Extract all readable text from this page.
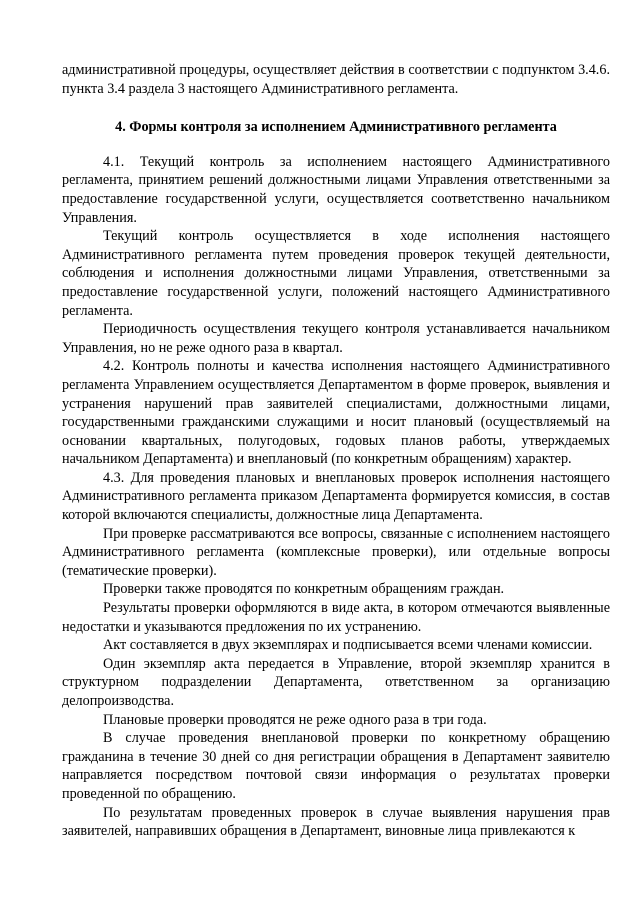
административной процедуры, осуществляет действия в соответствии с подпунктом 3.4.6. пункта 3.4 раздела 3 настоящего Административного регламента.

4. Формы контроля за исполнением Административного регламента

4.1. Текущий контроль за исполнением настоящего Административного регламента, принятием решений должностными лицами Управления ответственными за предоставление государственной услуги, осуществляется соответственно начальником Управления.

Текущий контроль осуществляется в ходе исполнения настоящего Административного регламента путем проведения проверок текущей деятельности, соблюдения и исполнения должностными лицами Управления, ответственными за предоставление государственной услуги, положений настоящего Административного регламента.

Периодичность осуществления текущего контроля устанавливается начальником Управления, но не реже одного раза в квартал.

4.2. Контроль полноты и качества исполнения настоящего Административного регламента Управлением осуществляется Департаментом в форме проверок, выявления и устранения нарушений прав заявителей специалистами, должностными лицами, государственными гражданскими служащими и носит плановый (осуществляемый на основании квартальных, полугодовых, годовых планов работы, утверждаемых начальником Департамента) и внеплановый (по конкретным обращениям) характер.

4.3. Для проведения плановых и внеплановых проверок исполнения настоящего Административного регламента приказом Департамента формируется комиссия, в состав которой включаются специалисты, должностные лица Департамента.

При проверке рассматриваются все вопросы, связанные с исполнением настоящего Административного регламента (комплексные проверки), или отдельные вопросы (тематические проверки).

Проверки также проводятся по конкретным обращениям граждан.

Результаты проверки оформляются в виде акта, в котором отмечаются выявленные недостатки и указываются предложения по их устранению.

Акт составляется в двух экземплярах и подписывается всеми членами комиссии.

Один экземпляр акта передается в Управление, второй экземпляр хранится в структурном подразделении Департамента, ответственном за организацию делопроизводства.

Плановые проверки проводятся не реже одного раза в три года.

В случае проведения внеплановой проверки по конкретному обращению гражданина в течение 30 дней со дня регистрации обращения в Департамент заявителю направляется посредством почтовой связи информация о результатах проверки проведенной по обращению.

По результатам проведенных проверок в случае выявления нарушения прав заявителей, направивших обращения в Департамент, виновные лица привлекаются к
